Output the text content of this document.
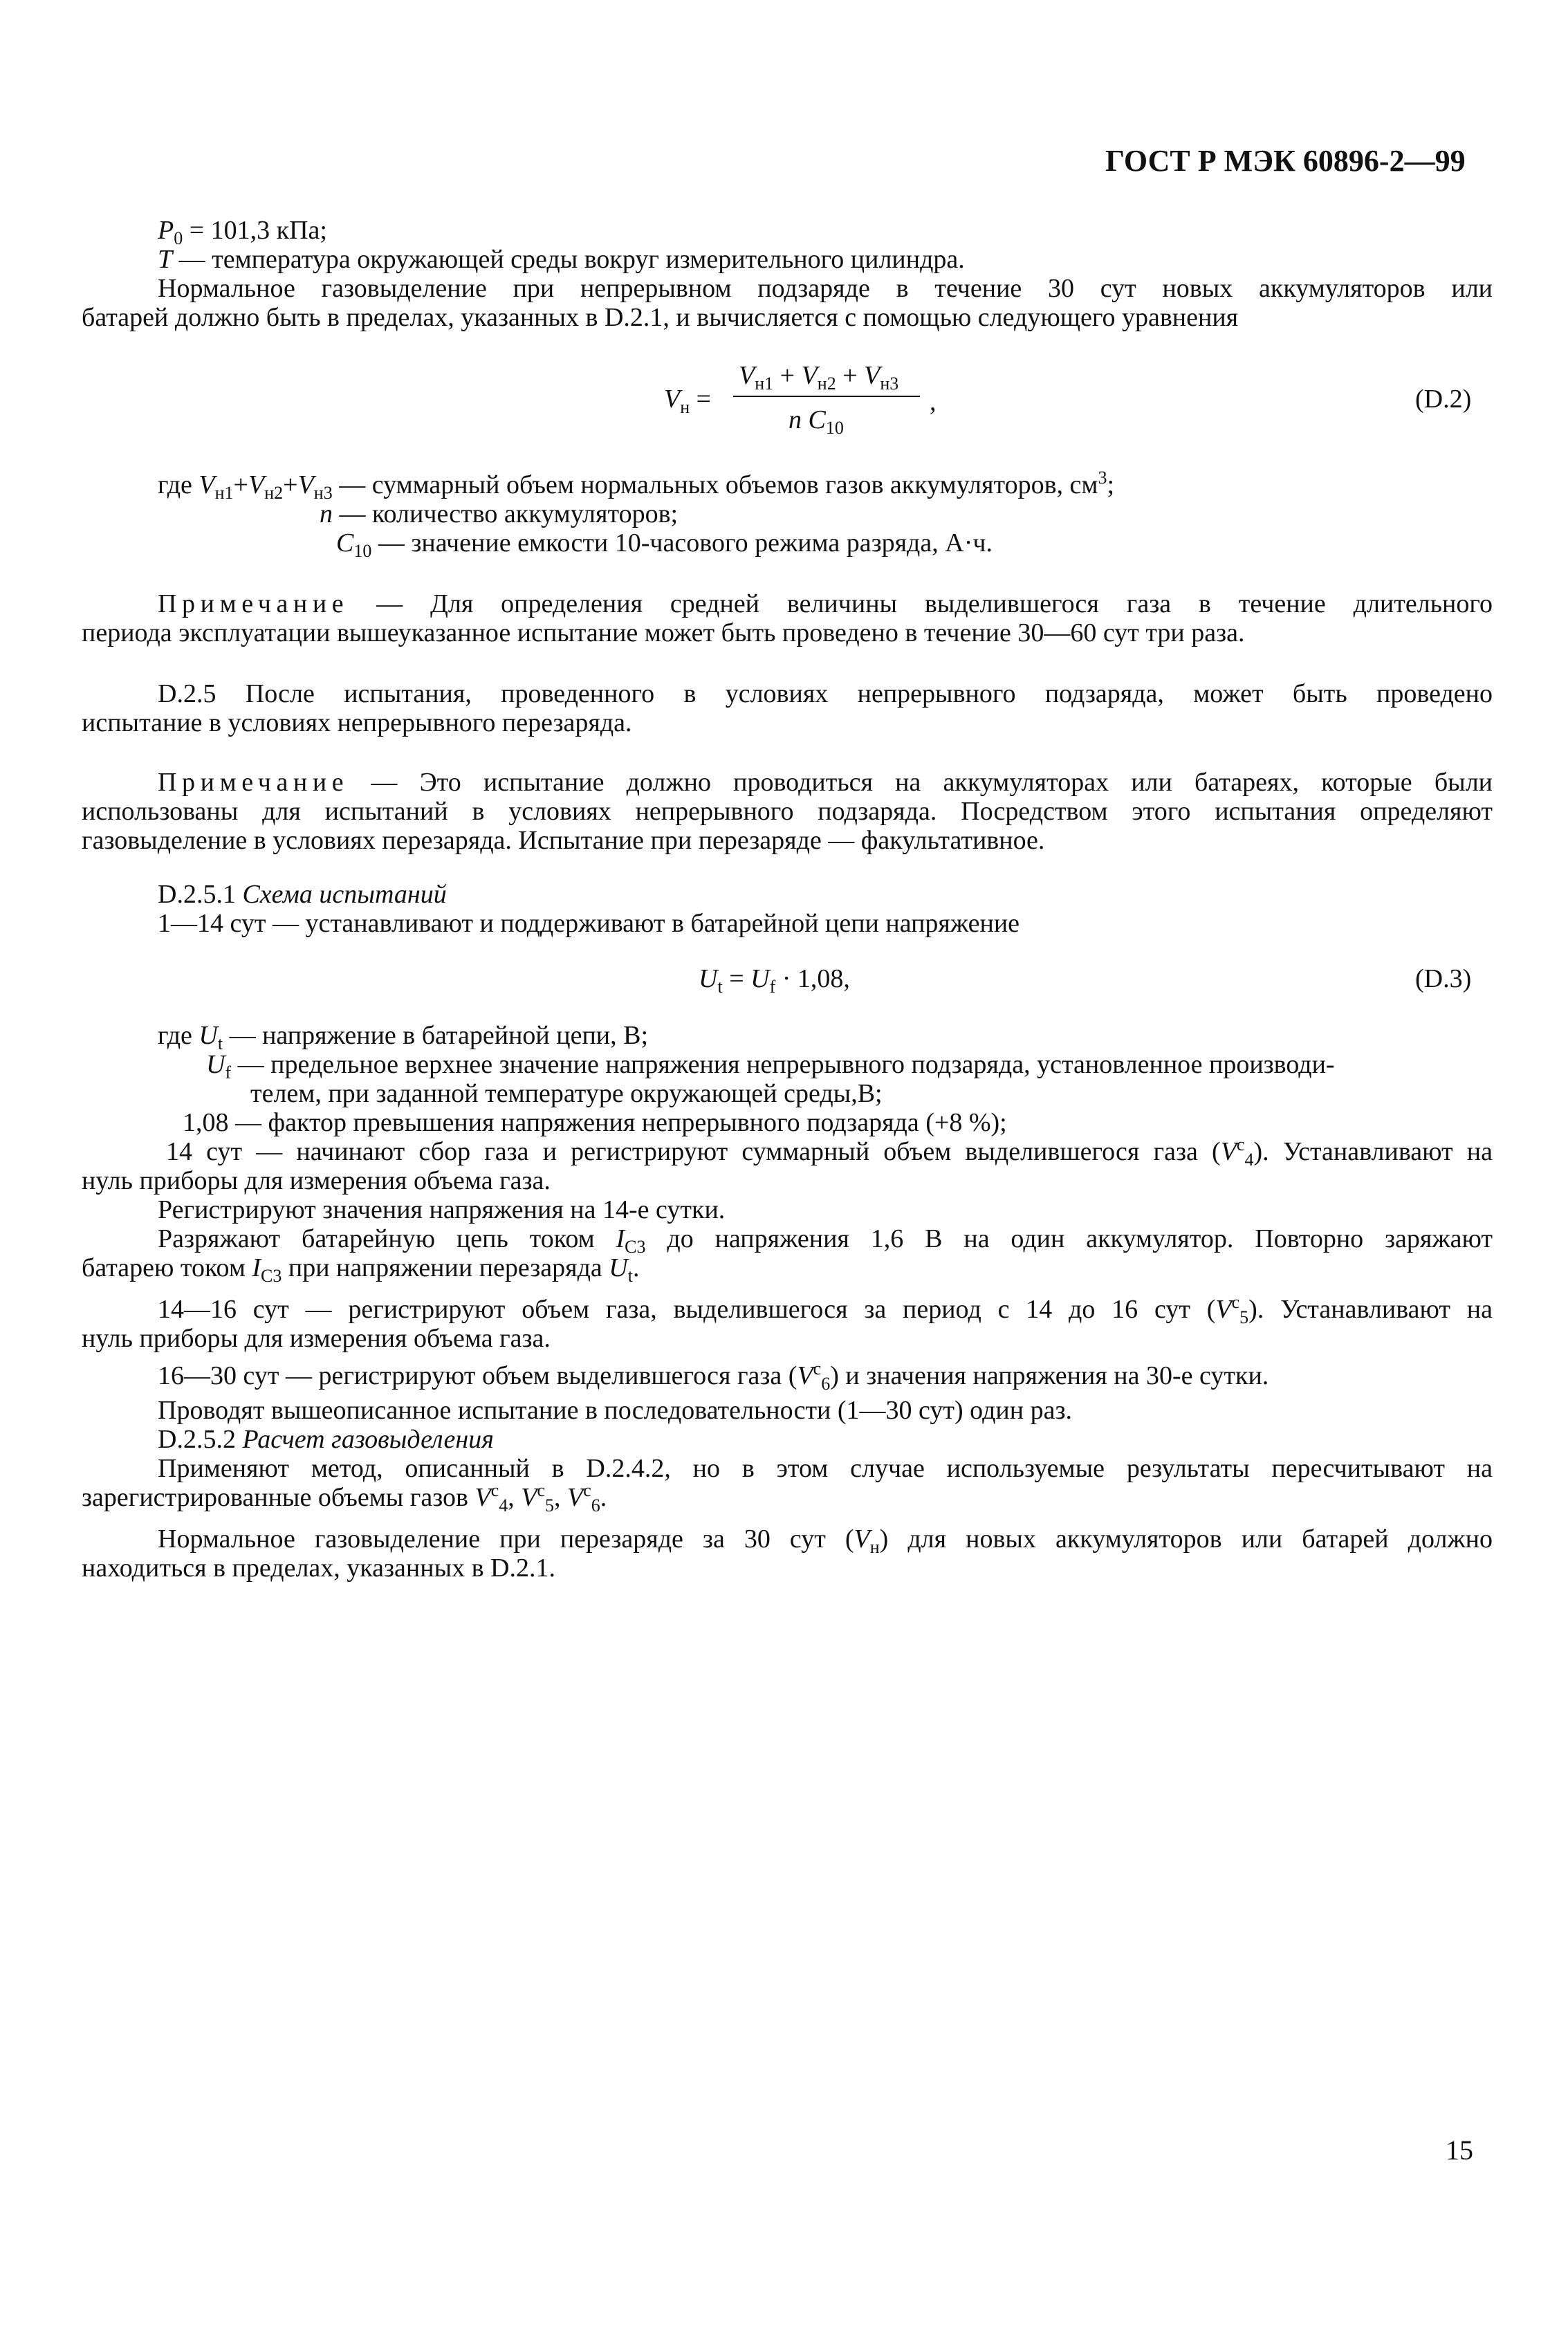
ГОСТ Р МЭК 60896-2—99
$P_0 = 101,3$ кПа;
T — температура окружающей среды вокруг измерительного цилиндра.
Нормальное газовыделение при непрерывном подзаряде в течение 30 сут новых аккумуляторов или
батарей должно быть в пределах, указанных в D.2.1, и вычисляется с помощью следующего уравнения
$V_н$ =
$V_{н1} + V_{н2} + V_{н3}$
n $C_{10}$
,	(D.2)
где $V_{н1}+V_{н2}+V_{н3}$ — суммарный объем нормальных объемов газов аккумуляторов, $см^3$;
n — количество аккумуляторов;
$C_{10}$ — значение емкости 10-часового режима разряда, А·ч.
Примечание — Для определения средней величины выделившегося газа в течение длительного
периода эксплуатации вышеуказанное испытание может быть проведено в течение 30—60 сут три раза.
D.2.5 После испытания, проведенного в условиях непрерывного подзаряда, может быть проведено
испытание в условиях непрерывного перезаряда.
Примечание — Это испытание должно проводиться на аккумуляторах или батареях, которые были
использованы для испытаний в условиях непрерывного подзаряда. Посредством этого испытания определяют
газовыделение в условиях перезаряда. Испытание при перезаряде — факультативное.
D.2.5.1 Схема испытаний
1—14 сут — устанавливают и поддерживают в батарейной цепи напряжение
$U_t = U_f \cdot 1,08$,	(D.3)
где $U_t$ — напряжение в батарейной цепи, В;
$U_f$ — предельное верхнее значение напряжения непрерывного подзаряда, установленное производи-
телем, при заданной температуре окружающей среды,В;
1,08 — фактор превышения напряжения непрерывного подзаряда (+8 %);
14 сут — начинают сбор газа и регистрируют суммарный объем выделившегося газа $(V^c_4)$. Устанавливают на
нуль приборы для измерения объема газа.
Регистрируют значения напряжения на 14-е сутки.
Разряжают батарейную цепь током $I_{C3}$ до напряжения 1,6 В на один аккумулятор. Повторно заряжают
батарею током $I_{C3}$ при напряжении перезаряда $U_t$.
14—16 сут — регистрируют объем газа, выделившегося за период с 14 до 16 сут $(V^c_5)$. Устанавливают на
нуль приборы для измерения объема газа.
16—30 сут — регистрируют объем выделившегося газа $(V^c_6)$ и значения напряжения на 30-е сутки.
Проводят вышеописанное испытание в последовательности (1—30 сут) один раз.
D.2.5.2 Расчет газовыделения
Применяют метод, описанный в D.2.4.2, но в этом случае используемые результаты пересчитывают на
зарегистрированные объемы газов $V^c_4$, $V^c_5$, $V^c_6$.
Нормальное газовыделение при перезаряде за 30 сут $(V_н)$ для новых аккумуляторов или батарей должно
находиться в пределах, указанных в D.2.1.
15
